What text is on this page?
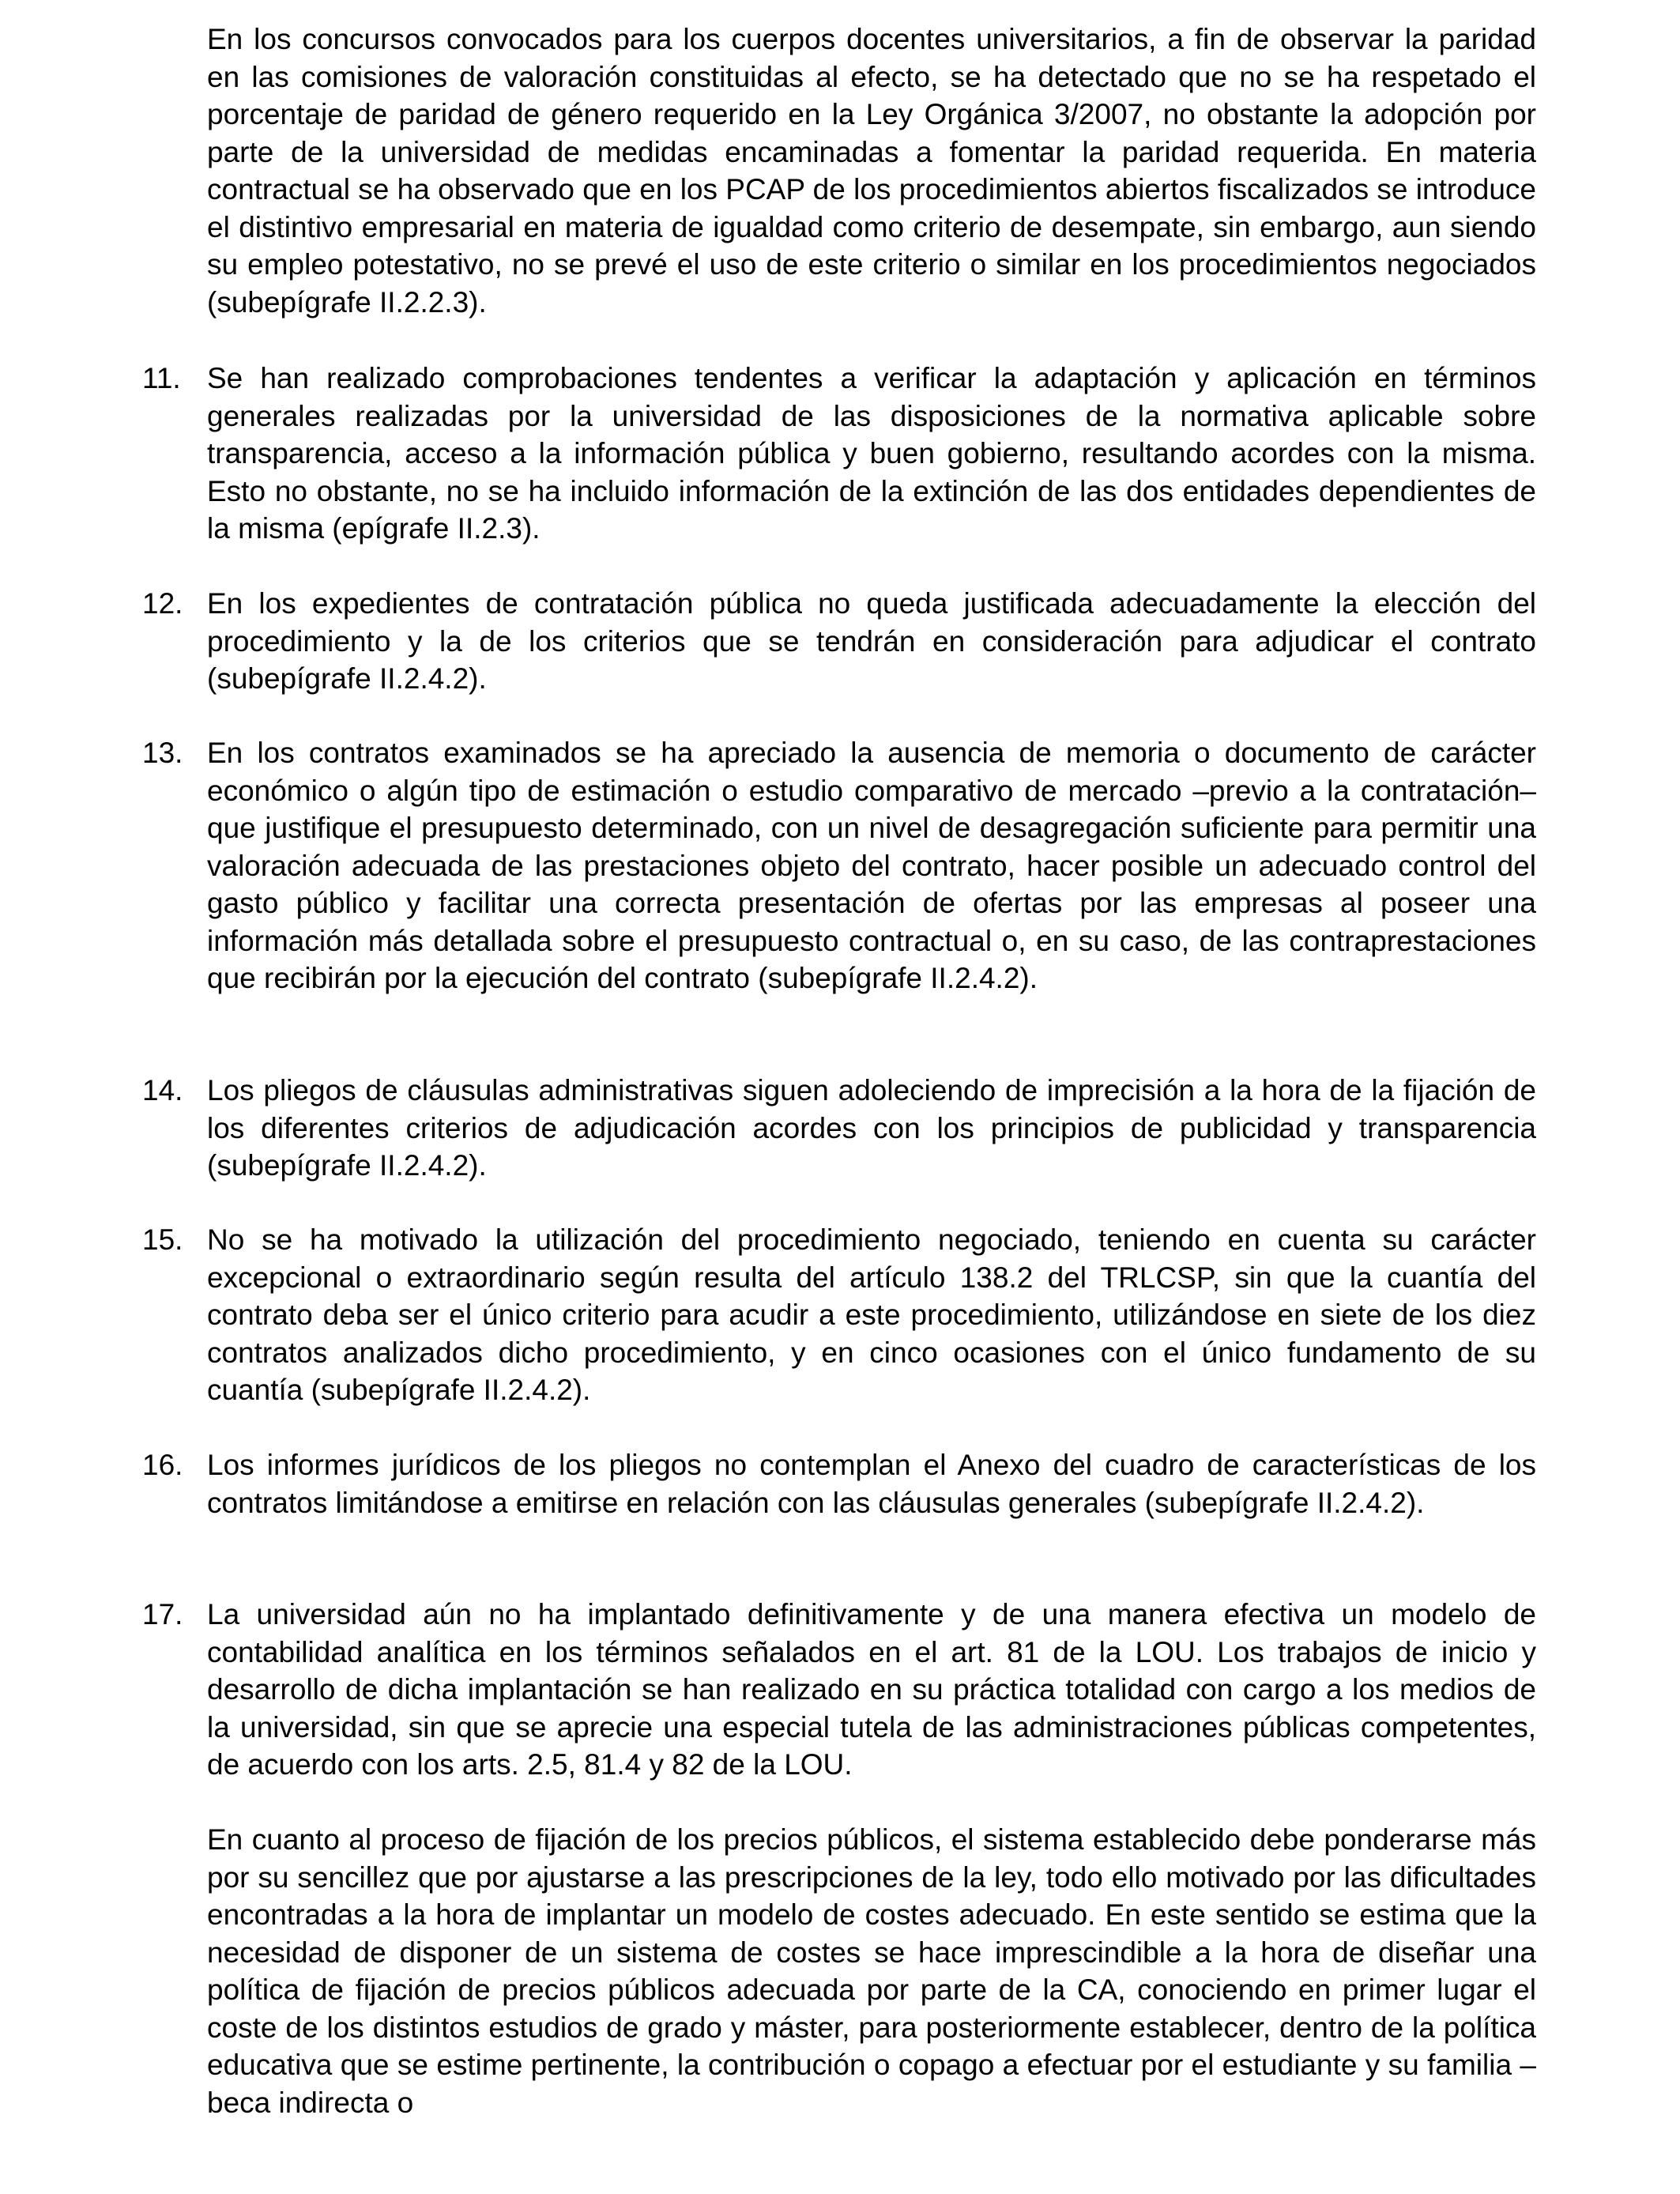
En los concursos convocados para los cuerpos docentes universitarios, a fin de observar la paridad en las comisiones de valoración constituidas al efecto, se ha detectado que no se ha respetado el porcentaje de paridad de género requerido en la Ley Orgánica 3/2007, no obstante la adopción por parte de la universidad de medidas encaminadas a fomentar la paridad requerida. En materia contractual se ha observado que en los PCAP de los procedimientos abiertos fiscalizados se introduce el distintivo empresarial en materia de igualdad como criterio de desempate, sin embargo, aun siendo su empleo potestativo, no se prevé el uso de este criterio o similar en los procedimientos negociados (subepígrafe II.2.2.3).

11. Se han realizado comprobaciones tendentes a verificar la adaptación y aplicación en términos generales realizadas por la universidad de las disposiciones de la normativa aplicable sobre transparencia, acceso a la información pública y buen gobierno, resultando acordes con la misma. Esto no obstante, no se ha incluido información de la extinción de las dos entidades dependientes de la misma (epígrafe II.2.3).

12. En los expedientes de contratación pública no queda justificada adecuadamente la elección del procedimiento y la de los criterios que se tendrán en consideración para adjudicar el contrato (subepígrafe II.2.4.2).

13. En los contratos examinados se ha apreciado la ausencia de memoria o documento de carácter económico o algún tipo de estimación o estudio comparativo de mercado –previo a la contratación– que justifique el presupuesto determinado, con un nivel de desagregación suficiente para permitir una valoración adecuada de las prestaciones objeto del contrato, hacer posible un adecuado control del gasto público y facilitar una correcta presentación de ofertas por las empresas al poseer una información más detallada sobre el presupuesto contractual o, en su caso, de las contraprestaciones que recibirán por la ejecución del contrato (subepígrafe II.2.4.2).

14. Los pliegos de cláusulas administrativas siguen adoleciendo de imprecisión a la hora de la fijación de los diferentes criterios de adjudicación acordes con los principios de publicidad y transparencia (subepígrafe II.2.4.2).

15. No se ha motivado la utilización del procedimiento negociado, teniendo en cuenta su carácter excepcional o extraordinario según resulta del artículo 138.2 del TRLCSP, sin que la cuantía del contrato deba ser el único criterio para acudir a este procedimiento, utilizándose en siete de los diez contratos analizados dicho procedimiento, y en cinco ocasiones con el único fundamento de su cuantía (subepígrafe II.2.4.2).

16. Los informes jurídicos de los pliegos no contemplan el Anexo del cuadro de características de los contratos limitándose a emitirse en relación con las cláusulas generales (subepígrafe II.2.4.2).

17. La universidad aún no ha implantado definitivamente y de una manera efectiva un modelo de contabilidad analítica en los términos señalados en el art. 81 de la LOU. Los trabajos de inicio y desarrollo de dicha implantación se han realizado en su práctica totalidad con cargo a los medios de la universidad, sin que se aprecie una especial tutela de las administraciones públicas competentes, de acuerdo con los arts. 2.5, 81.4 y 82 de la LOU.

En cuanto al proceso de fijación de los precios públicos, el sistema establecido debe ponderarse más por su sencillez que por ajustarse a las prescripciones de la ley, todo ello motivado por las dificultades encontradas a la hora de implantar un modelo de costes adecuado. En este sentido se estima que la necesidad de disponer de un sistema de costes se hace imprescindible a la hora de diseñar una política de fijación de precios públicos adecuada por parte de la CA, conociendo en primer lugar el coste de los distintos estudios de grado y máster, para posteriormente establecer, dentro de la política educativa que se estime pertinente, la contribución o copago a efectuar por el estudiante y su familia –beca indirecta o
